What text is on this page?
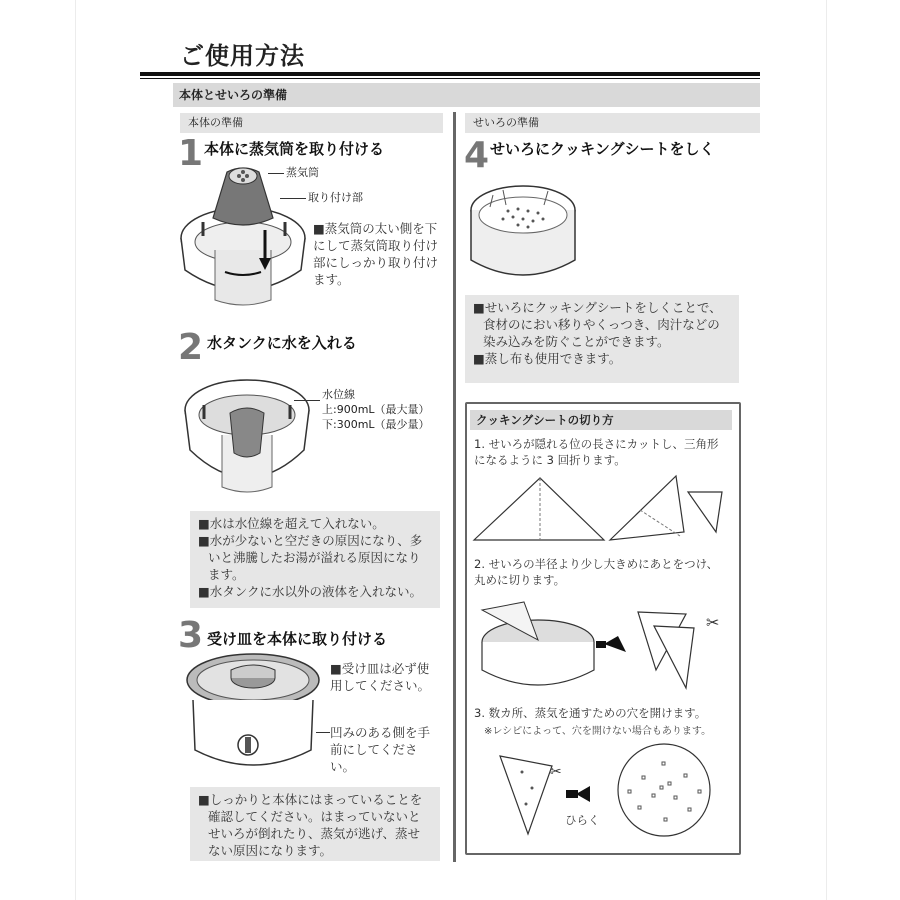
ご使用方法
本体とせいろの準備
本体の準備
1 本体に蒸気筒を取り付ける
蒸気筒
取り付け部
■蒸気筒の太い側を下にして蒸気筒取り付け部にしっかり取り付けます。
2 水タンクに水を入れる
水位線
上:900mL（最大量）
下:300mL（最少量）

■水は水位線を超えて入れない。

■水が少ないと空だきの原因になり、多いと沸騰したお湯が溢れる原因になります。

■水タンクに水以外の液体を入れない。

3 受け皿を本体に取り付ける
■受け皿は必ず使用してください。
凹みのある側を手前にしてください。

■しっかりと本体にはまっていることを確認してください。はまっていないとせいろが倒れたり、蒸気が逃げ、蒸せない原因になります。

せいろの準備
4 せいろにクッキングシートをしく

■せいろにクッキングシートをしくことで、食材のにおい移りやくっつき、肉汁などの染み込みを防ぐことができます。

■蒸し布も使用できます。

クッキングシートの切り方
1. せいろが隠れる位の長さにカットし、三角形になるように 3 回折ります。
2. せいろの半径より少し大きめにあとをつけ、丸めに切ります。
✂
3. 数カ所、蒸気を通すための穴を開けます。
※レシピによって、穴を開けない場合もあります。
✂
ひらく
